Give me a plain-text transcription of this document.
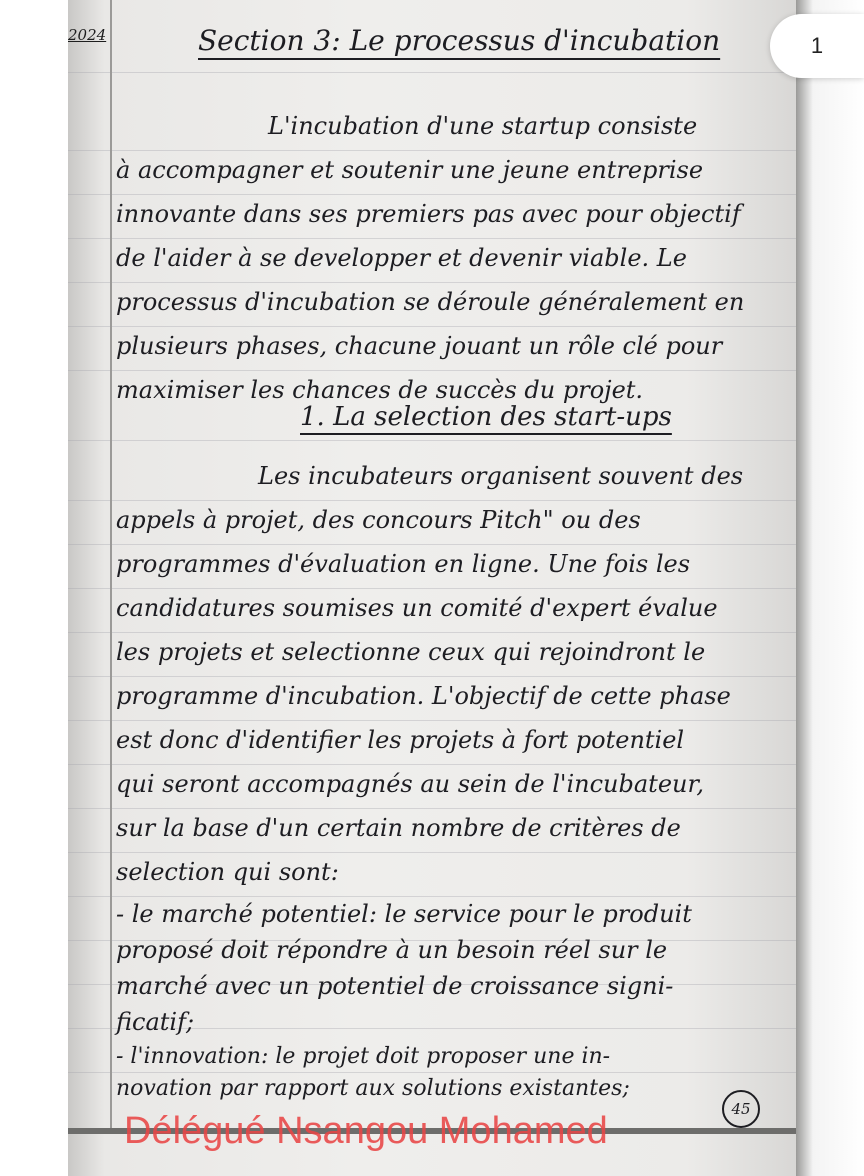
2024	Section 3: Le processus d'incubation
L'incubation d'une startup consiste
à accompagner et soutenir une jeune entreprise
innovante dans ses premiers pas avec pour objectif
de l'aider à se developper et devenir viable. Le
processus d'incubation se déroule généralement en
plusieurs phases, chacune jouant un rôle clé pour
maximiser les chances de succès du projet.
1. La selection des start-ups
Les incubateurs organisent souvent des
appels à projet, des concours Pitch" ou des
programmes d'évaluation en ligne. Une fois les
candidatures soumises un comité d'expert évalue
les projets et selectionne ceux qui rejoindront le
programme d'incubation. L'objectif de cette phase
est donc d'identifier les projets à fort potentiel
qui seront accompagnés au sein de l'incubateur,
sur la base d'un certain nombre de critères de
selection qui sont:
- le marché potentiel: le service pour le produit
proposé doit répondre à un besoin réel sur le
marché avec un potentiel de croissance signi-
ficatif;
- l'innovation: le projet doit proposer une in-
novation par rapport aux solutions existantes;
45
1
Délégué Nsangou Mohamed
